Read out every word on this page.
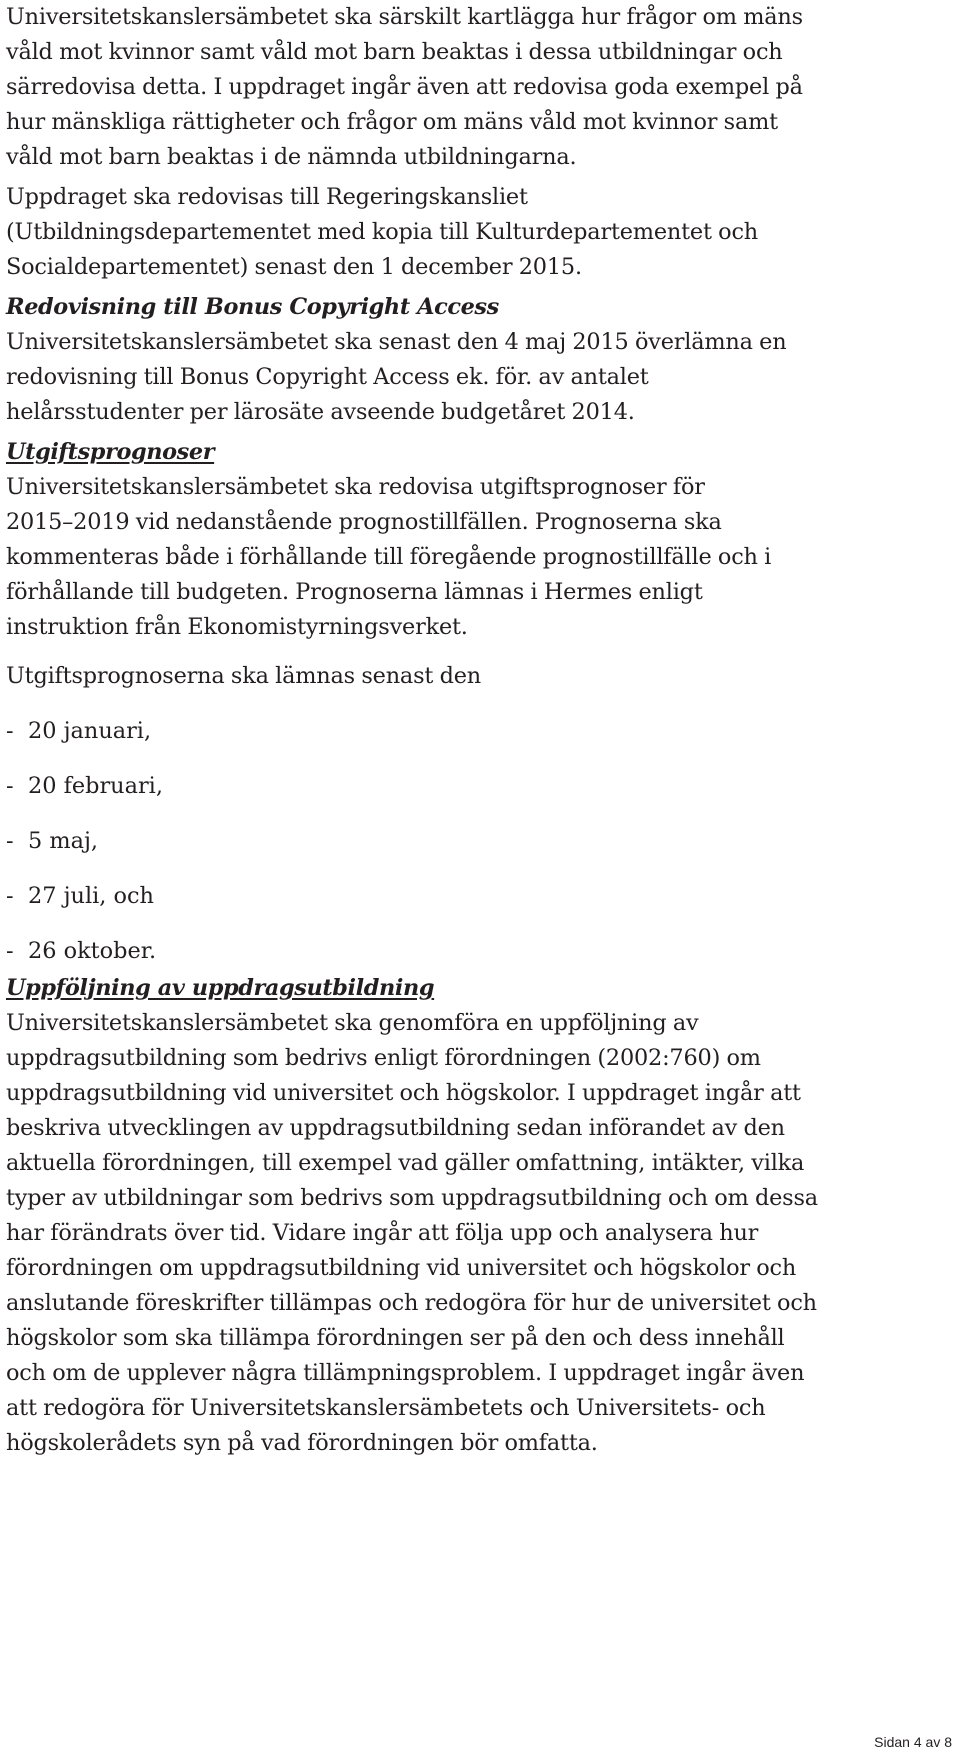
Universitetskanslersämbetet ska särskilt kartlägga hur frågor om mäns
våld mot kvinnor samt våld mot barn beaktas i dessa utbildningar och
särredovisa detta. I uppdraget ingår även att redovisa goda exempel på
hur mänskliga rättigheter och frågor om mäns våld mot kvinnor samt
våld mot barn beaktas i de nämnda utbildningarna.

Uppdraget ska redovisas till Regeringskansliet
(Utbildningsdepartementet med kopia till Kulturdepartementet och
Socialdepartementet) senast den 1 december 2015.

Redovisning till Bonus Copyright Access

Universitetskanslersämbetet ska senast den 4 maj 2015 överlämna en
redovisning till Bonus Copyright Access ek. för. av antalet
helårsstudenter per lärosäte avseende budgetåret 2014.

Utgiftsprognoser

Universitetskanslersämbetet ska redovisa utgiftsprognoser för
2015–2019 vid nedanstående prognostillfällen. Prognoserna ska
kommenteras både i förhållande till föregående prognostillfälle och i
förhållande till budgeten. Prognoserna lämnas i Hermes enligt
instruktion från Ekonomistyrningsverket.

Utgiftsprognoserna ska lämnas senast den

- 20 januari,
- 20 februari,
- 5 maj,
- 27 juli, och
- 26 oktober.
Uppföljning av uppdragsutbildning

Universitetskanslersämbetet ska genomföra en uppföljning av
uppdragsutbildning som bedrivs enligt förordningen (2002:760) om
uppdragsutbildning vid universitet och högskolor. I uppdraget ingår att
beskriva utvecklingen av uppdragsutbildning sedan införandet av den
aktuella förordningen, till exempel vad gäller omfattning, intäkter, vilka
typer av utbildningar som bedrivs som uppdragsutbildning och om dessa
har förändrats över tid. Vidare ingår att följa upp och analysera hur
förordningen om uppdragsutbildning vid universitet och högskolor och
anslutande föreskrifter tillämpas och redogöra för hur de universitet och
högskolor som ska tillämpa förordningen ser på den och dess innehåll
och om de upplever några tillämpningsproblem. I uppdraget ingår även
att redogöra för Universitetskanslersämbetets och Universitets- och
högskolerådets syn på vad förordningen bör omfatta.

Sidan 4 av 8
